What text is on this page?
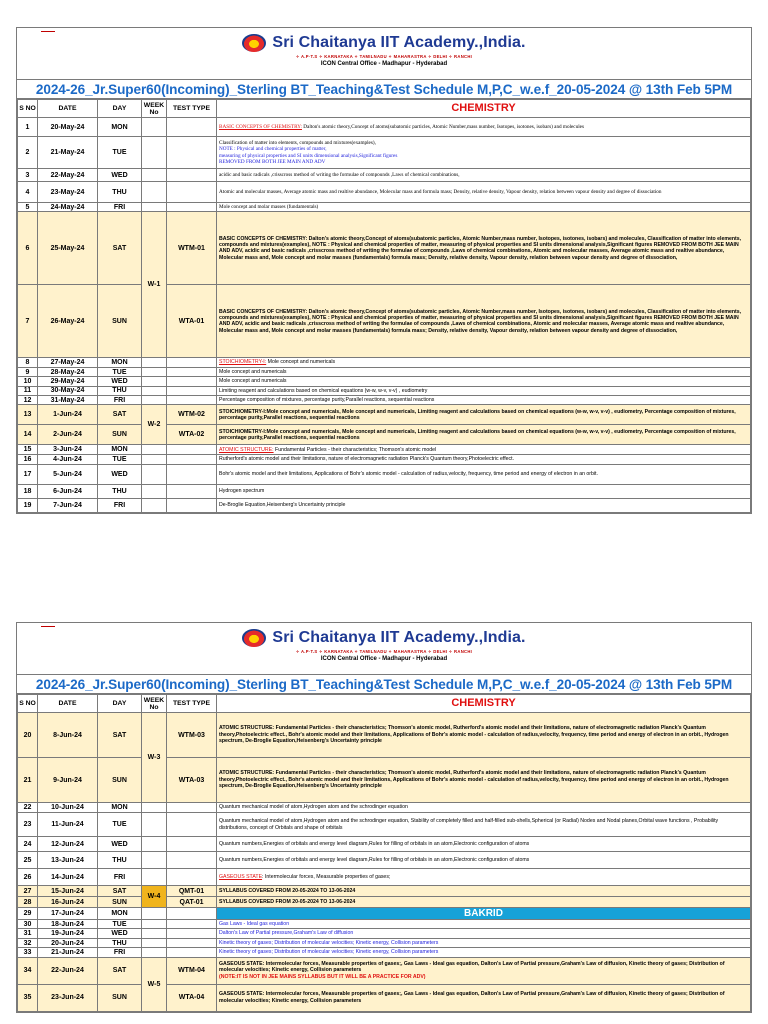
Sri Chaitanya IIT Academy.,India.
✧ A.P·T.S ✧ KARNATAKA ✧ TAMILNADU ✧ MAHARASTRA ✧ DELHI ✧ RANCHI
ICON Central Office - Madhapur - Hyderabad
2024-26_Jr.Super60(Incoming)_Sterling BT_Teaching&Test Schedule M,P,C_w.e.f_20-05-2024 @ 13th Feb 5PM
S NO	DATE	DAY	WEEK No	TEST TYPE	CHEMISTRY
1	20-May-24	MON			BASIC CONCEPTS OF CHEMISTRY: Dalton's atomic theory,Concept of atoms(subatomic particles, Atomic Number,mass number, Isotopes, isotones, isobars) and molecules
2	21-May-24	TUE			Classification of matter into elements, compounds and mixtures(examples),
NOTE : Physical and chemical properties of matter,
measuring of physical properties and SI units dimensional analysis,Significant figures
REMOVED FROM BOTH JEE MAIN AND ADV

3	22-May-24	WED			acidic and basic radicals ,crisscross method of writing the formulae of compounds ,Laws of chemical combinations,
4	23-May-24	THU			Atomic and molecular masses, Average atomic mass and realtive abundance, Molecular mass and formula mass; Density, relative density, Vapour density, relation between vapour density and degree of dissociation
5	24-May-24	FRI			Mole concept and molar masses (fundamentals)
6	25-May-24	SAT	W-1	WTM-01	BASIC CONCEPTS OF CHEMISTRY: Dalton's atomic theory,Concept of atoms(subatomic particles, Atomic Number,mass number, Isotopes, isotones, isobars) and molecules, Classification of matter into elements, compounds and mixtures(examples), NOTE : Physical and chemical properties of matter, measuring of physical properties and SI units dimensional analysis,Significant figures REMOVED FROM BOTH JEE MAIN AND ADV, acidic and basic radicals ,crisscross method of writing the formulae of compounds ,Laws of chemical combinations, Atomic and molecular masses, Average atomic mass and realtive abundance, Molecular mass and, Mole concept and molar masses (fundamentals) formula mass; Density, relative density, Vapour density, relation between vapour density and degree of dissociation,
7	26-May-24	SUN		WTA-01	BASIC CONCEPTS OF CHEMISTRY: Dalton's atomic theory,Concept of atoms(subatomic particles, Atomic Number,mass number, Isotopes, isotones, isobars) and molecules, Classification of matter into elements, compounds and mixtures(examples), NOTE : Physical and chemical properties of matter, measuring of physical properties and SI units dimensional analysis,Significant figures REMOVED FROM BOTH JEE MAIN AND ADV, acidic and basic radicals ,crisscross method of writing the formulae of compounds ,Laws of chemical combinations, Atomic and molecular masses, Average atomic mass and realtive abundance, Molecular mass and, Mole concept and molar masses (fundamentals) formula mass; Density, relative density, Vapour density, relation between vapour density and degree of dissociation,
8	27-May-24	MON			STOICHIOMETRY-I: Mole concept and numericals
9	28-May-24	TUE			Mole concept and numericals
10	29-May-24	WED			Mole concept and numericals
11	30-May-24	THU			Limiting reagent and calculations based on chemical equations (w-w, w-v, v-v) , eudiometry
12	31-May-24	FRI			Percentage composition of mixtures, percentage purity,Parallel reactions, sequential reactions
13	1-Jun-24	SAT	W-2	WTM-02	STOICHIOMETRY-I:Mole concept and numericals, Mole concept and numericals, Limiting reagent and calculations based on chemical equations (w-w, w-v, v-v) , eudiometry, Percentage composition of mixtures, percentage purity,Parallel reactions, sequential reactions
14	2-Jun-24	SUN		WTA-02	STOICHIOMETRY-I:Mole concept and numericals, Mole concept and numericals, Limiting reagent and calculations based on chemical equations (w-w, w-v, v-v) , eudiometry, Percentage composition of mixtures, percentage purity,Parallel reactions, sequential reactions
15	3-Jun-24	MON			ATOMIC STRUCTURE: Fundamental Particles - their characteristics; Thomson's atomic model
16	4-Jun-24	TUE			Rutherford's atomic model and their limitations, nature of electromagnetic radiation Planck's Quantum theory,Photoelectric effect.
17	5-Jun-24	WED			Bohr's atomic model and their limitations, Applications of Bohr's atomic model - calculation of radius,velocity, frequency, time period and energy of electron in an orbit.
18	6-Jun-24	THU			Hydrogen spectrum
19	7-Jun-24	FRI			De-Broglie Equation,Heisenberg's Uncertainty principle
Sri Chaitanya IIT Academy.,India.
✧ A.P·T.S ✧ KARNATAKA ✧ TAMILNADU ✧ MAHARASTRA ✧ DELHI ✧ RANCHI
ICON Central Office - Madhapur - Hyderabad
2024-26_Jr.Super60(Incoming)_Sterling BT_Teaching&Test Schedule M,P,C_w.e.f_20-05-2024 @ 13th Feb 5PM
S NO	DATE	DAY	WEEK No	TEST TYPE	CHEMISTRY
20	8-Jun-24	SAT	W-3	WTM-03	ATOMIC STRUCTURE: Fundamental Particles - their characteristics; Thomson's atomic model, Rutherford's atomic model and their limitations, nature of electromagnetic radiation Planck's Quantum theory,Photoelectric effect., Bohr's atomic model and their limitations, Applications of Bohr's atomic model - calculation of radius,velocity, frequency, time period and energy of electron in an orbit., Hydrogen spectrum, De-Broglie Equation,Heisenberg's Uncertainty principle
21	9-Jun-24	SUN		WTA-03	ATOMIC STRUCTURE: Fundamental Particles - their characteristics; Thomson's atomic model, Rutherford's atomic model and their limitations, nature of electromagnetic radiation Planck's Quantum theory,Photoelectric effect., Bohr's atomic model and their limitations, Applications of Bohr's atomic model - calculation of radius,velocity, frequency, time period and energy of electron in an orbit., Hydrogen spectrum, De-Broglie Equation,Heisenberg's Uncertainty principle
22	10-Jun-24	MON			Quantum mechanical model of atom,Hydrogen atom and the schrodinger equation
23	11-Jun-24	TUE			Quantum mechanical model of atom,Hydrogen atom and the schrodinger equation, Stability of completely filled and half-filled sub-shells,Spherical (or Radial) Nodes and Nodal planes,Orbital wave functions , Probability distributions, concept of Orbitals and shape of orbitals
24	12-Jun-24	WED			Quantum numbers,Energies of orbitals and energy level diagram,Rules for filling of orbitals in an atom,Electronic configuration of atoms
25	13-Jun-24	THU			Quantum numbers,Energies of orbitals and energy level diagram,Rules for filling of orbitals in an atom,Electronic configuration of atoms
26	14-Jun-24	FRI			GASEOUS STATE: Intermolecular forces, Measurable properties of gases;
27	15-Jun-24	SAT	W-4	QMT-01	SYLLABUS COVERED FROM 20-05-2024 TO 13-06-2024
28	16-Jun-24	SUN		QAT-01	SYLLABUS COVERED FROM 20-05-2024 TO 13-06-2024
29	17-Jun-24	MON			BAKRID
30	18-Jun-24	TUE			Gas Laws - Ideal gas equation
31	19-Jun-24	WED			Dalton's Law of Partial pressure,Graham's Law of diffusion
32	20-Jun-24	THU			Kinetic theory of gases; Distribution of molecular velocities; Kinetic energy, Collision parameters
33	21-Jun-24	FRI			Kinetic theory of gases; Distribution of molecular velocities; Kinetic energy, Collision parameters
34	22-Jun-24	SAT	W-5	WTM-04	GASEOUS STATE: Intermolecular forces, Measurable properties of gases;, Gas Laws - Ideal gas equation, Dalton's Law of Partial pressure,Graham's Law of diffusion, Kinetic theory of gases; Distribution of molecular velocities; Kinetic energy, Collision parameters
(NOTE:IT IS NOT IN JEE MAINS SYLLABUS BUT IT WILL BE A PRACTICE FOR ADV)

35	23-Jun-24	SUN		WTA-04	GASEOUS STATE: Intermolecular forces, Measurable properties of gases;, Gas Laws - Ideal gas equation, Dalton's Law of Partial pressure,Graham's Law of diffusion, Kinetic theory of gases; Distribution of molecular velocities; Kinetic energy, Collision parameters
